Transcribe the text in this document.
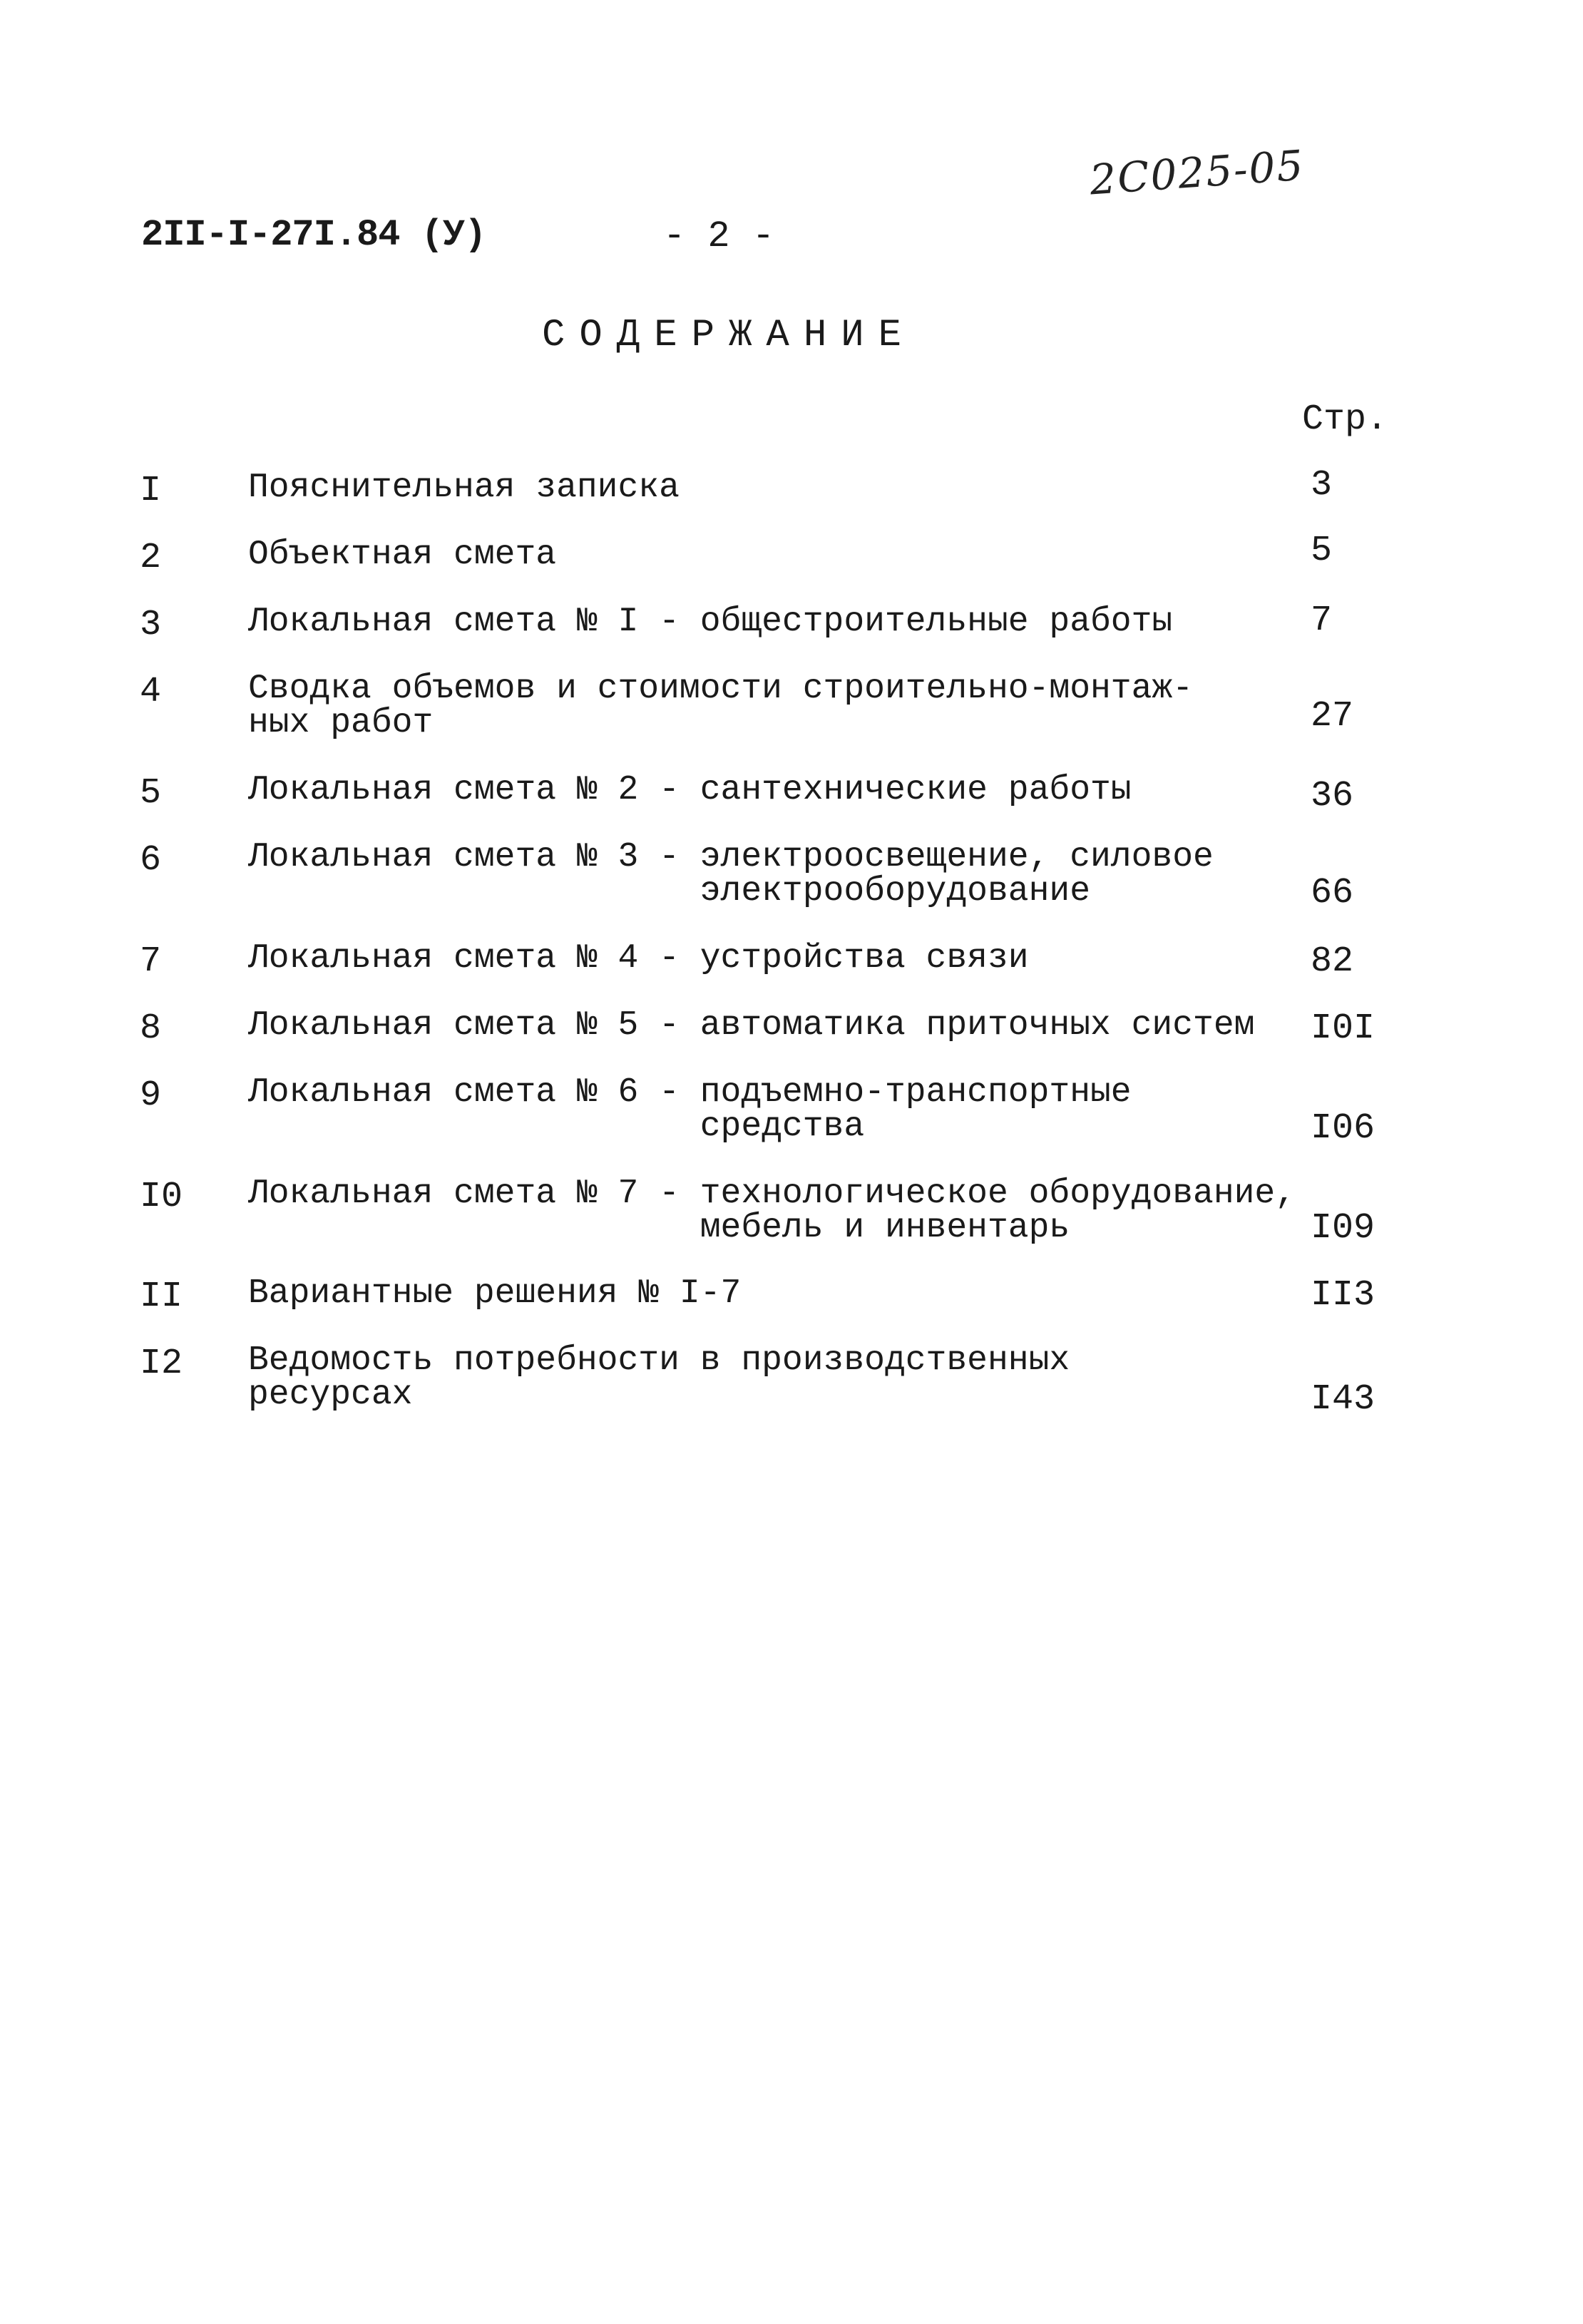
2С025-05
2II-I-27I.84 (У)	- 2 -
СОДЕРЖАНИЕ
Стр.
I	Пояснительная записка	3
2	Объектная смета	5
3	Локальная смета № I - общестроительные работы	7
4	Сводка объемов и стоимости строительно-монтаж-
ных работ	27
5	Локальная смета № 2 - сантехнические работы	36
6	Локальная смета № 3 - электроосвещение, силовое
электрооборудование	66
7	Локальная смета № 4 - устройства связи	82
8	Локальная смета № 5 - автоматика приточных систем	I0I
9	Локальная смета № 6 - подъемно-транспортные
средства	I06
I0 Локальная смета № 7 - технологическое оборудование,
мебель и инвентарь	I09
II Вариантные решения № I-7	II3
I2 Ведомость потребности в производственных
ресурсах	I43
